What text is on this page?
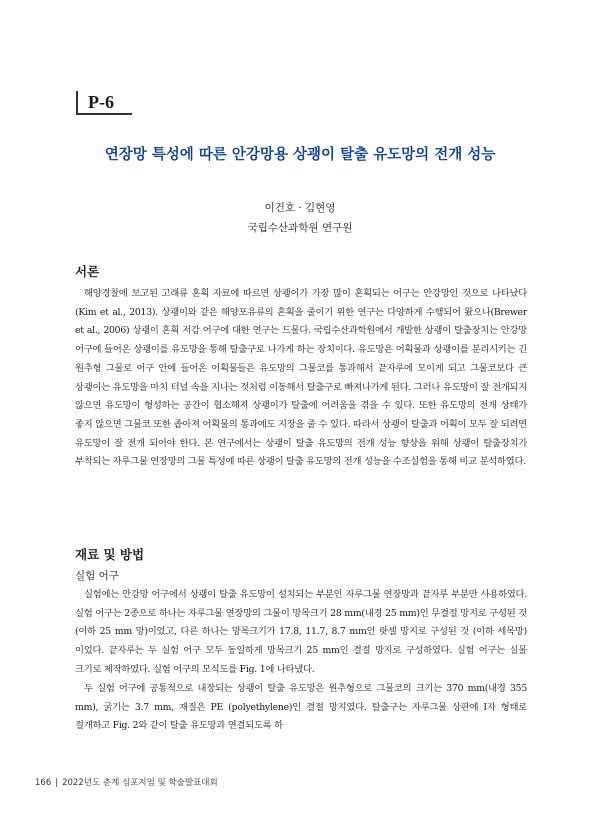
P-6
연장망 특성에 따른 안강망용 상괭이 탈출 유도망의 전개 성능
이건호 · 김현영
국립수산과학원 연구원
서론

해양경찰에 보고된 고래류 혼획 자료에 따르면 상괭이가 가장 많이 혼획되는 어구는 안강망인 것으로 나타났다(Kim et al., 2013). 상괭이와 같은 해양포유류의 혼획을 줄이기 위한 연구는 다양하게 수행되어 왔으나(Brewer et al., 2006) 상괭이 혼획 저감 어구에 대한 연구는 드물다. 국립수산과학원에서 개발한 상괭이 탈출장치는 안강망 어구에 들어온 상괭이를 유도망을 통해 탈출구로 나가게 하는 장치이다. 유도망은 어획물과 상괭이를 분리시키는 긴 원추형 그물로 어구 안에 들어온 어획물들은 유도망의 그물코를 통과해서 끝자루에 모이게 되고 그물코보다 큰 상괭이는 유도망을 마치 터널 속을 지나는 것처럼 이동해서 탈출구로 빠져나가게 된다. 그러나 유도망이 잘 전개되지 않으면 유도망이 형성하는 공간이 협소해져 상괭이가 탈출에 어려움을 겪을 수 있다. 또한 유도망의 전개 상태가 좋지 않으면 그물코 또한 좁아져 어획물의 통과에도 지장을 줄 수 있다. 따라서 상괭이 탈출과 어획이 모두 잘 되려면 유도망이 잘 전개 되어야 한다. 본 연구에서는 상괭이 탈출 유도망의 전개 성능 향상을 위해 상괭이 탈출장치가 부착되는 자루그물 연장망의 그물 특성에 따른 상괭이 탈출 유도망의 전개 성능을 수조실험을 통해 비교 분석하였다.

재료 및 방법
실험 어구

실험에는 안강망 어구에서 상괭이 탈출 유도망이 설치되는 부분인 자루그물 연장망과 끝자루 부분만 사용하였다. 실험 어구는 2종으로 하나는 자루그물 연장망의 그물이 망목크기 28 mm(내경 25 mm)인 무결절 망지로 구성된 것(이하 25 mm 망)이었고, 다른 하나는 망목크기가 17.8, 11.7, 8.7 mm인 랏셀 망지로 구성된 것 (이하 세목망) 이었다. 끝자루는 두 실험 어구 모두 동일하게 망목크기 25 mm인 결절 망지로 구성하였다. 실험 어구는 실물 크기로 제작하였다. 실험 어구의 모식도를 Fig. 1에 나타냈다.

두 실험 어구에 공통적으로 내장되는 상괭이 탈출 유도망은 원추형으로 그물코의 크기는 370 mm(내경 355 mm), 굵기는 3.7 mm, 재질은 PE (polyethylene)인 결절 망지였다. 탈출구는 자루그물 상판에 I자 형태로 절개하고 Fig. 2와 같이 탈출 유도망과 연결되도록 하

166 | 2022년도 춘계 심포지엄 및 학술발표대회
